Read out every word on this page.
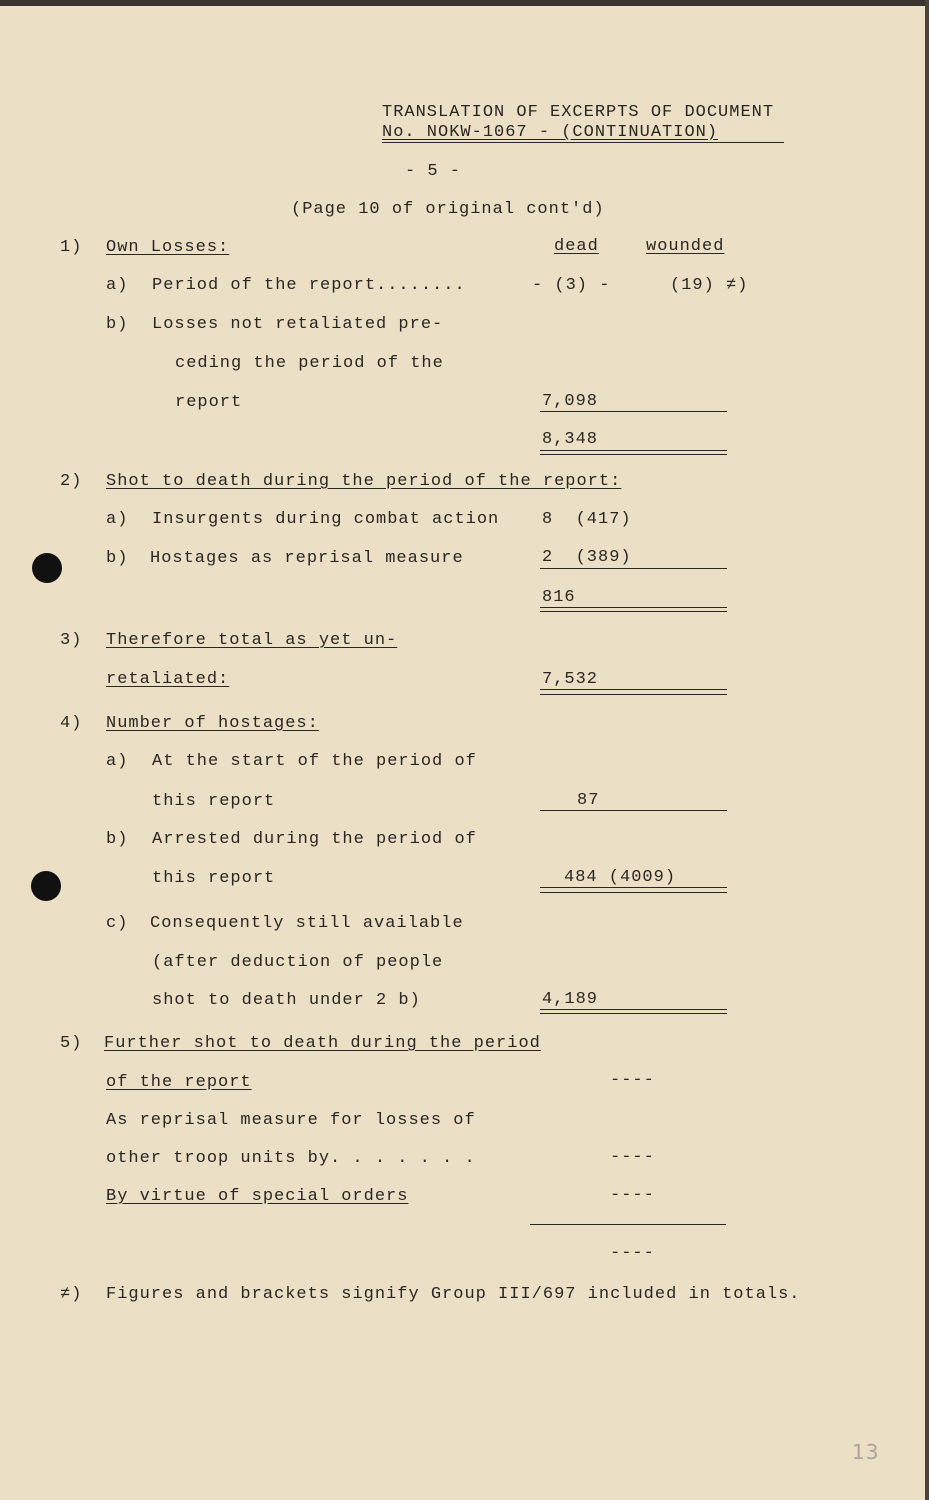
TRANSLATION OF EXCERPTS OF DOCUMENT
No. NOKW-1067 - (CONTINUATION)
- 5 -
(Page 10 of original cont'd)
1) Own Losses:	dead	wounded
a) Period of the report........	- (3) -	(19) ≠)
b) Losses not retaliated pre-
ceding the period of the
report	7,098
8,348
2) Shot to death during the period of the report:
a) Insurgents during combat action	8  (417)
b) Hostages as reprisal measure	2  (389)
816
3) Therefore total as yet un-
retaliated:	7,532
4) Number of hostages:
a) At the start of the period of
this report	87
b) Arrested during the period of
this report	484 (4009)
c) Consequently still available
(after deduction of people
shot to death under 2 b)	4,189
5) Further shot to death during the period
of the report	----
As reprisal measure for losses of
other troop units by. . . . . . .	----
By virtue of special orders	----
----
≠) Figures and brackets signify Group III/697 included in totals.
13
